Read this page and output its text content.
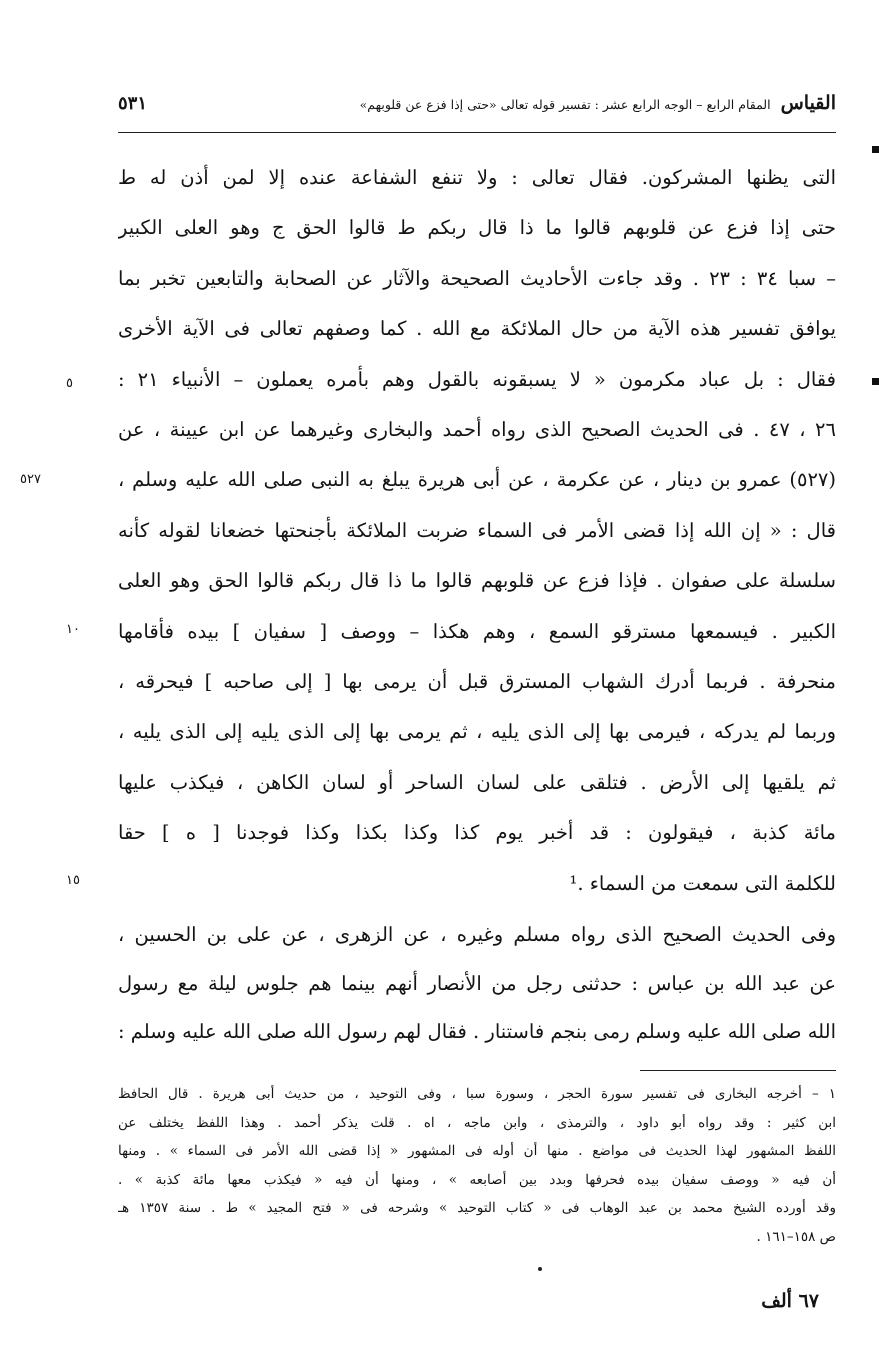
القياس
المقام الرابع – الوجه الرابع عشر : تفسير قوله تعالى «حتى إذا فزع عن قلوبهم»
٥٣١
التى يظنها المشركون. فقال تعالى : ولا تنفع الشفاعة عنده إلا لمن أذن له ط
حتى إذا فزع عن قلوبهم قالوا ما ذا قال ربكم ط قالوا الحق ج وهو العلى الكبير
– سبا ٣٤ : ٢٣ . وقد جاءت الأحاديث الصحيحة والآثار عن الصحابة والتابعين تخبر بما
يوافق تفسير هذه الآية من حال الملائكة مع الله . كما وصفهم تعالى فى الآية الأخرى
فقال : بل عباد مكرمون « لا يسبقونه بالقول وهم بأمره يعملون – الأنبياء ٢١ :
٢٦ ، ٤٧ . فى الحديث الصحيح الذى رواه أحمد والبخارى وغيرهما عن ابن عيينة ، عن
(٥٢٧) عمرو بن دينار ، عن عكرمة ، عن أبى هريرة يبلغ به النبى صلى الله عليه وسلم ،
قال : « إن الله إذا قضى الأمر فى السماء ضربت الملائكة بأجنحتها خضعانا لقوله كأنه
سلسلة على صفوان . فإذا فزع عن قلوبهم قالوا ما ذا قال ربكم قالوا الحق وهو العلى
الكبير . فيسمعها مسترقو السمع ، وهم هكذا – ووصف [ سفيان ] بيده فأقامها
منحرفة . فربما أدرك الشهاب المسترق قبل أن يرمى بها [ إلى صاحبه ] فيحرقه ،
وربما لم يدركه ، فيرمى بها إلى الذى يليه ، ثم يرمى بها إلى الذى يليه إلى الذى يليه ،
ثم يلقيها إلى الأرض . فتلقى على لسان الساحر أو لسان الكاهن ، فيكذب عليها
مائة كذبة ، فيقولون : قد أخبر يوم كذا وكذا بكذا وكذا فوجدنا [ ه ] حقا
للكلمة التى سمعت من السماء .¹
وفى الحديث الصحيح الذى رواه مسلم وغيره ، عن الزهرى ، عن على بن الحسين ،
عن عبد الله بن عباس : حدثنى رجل من الأنصار أنهم بينما هم جلوس ليلة مع رسول
الله صلى الله عليه وسلم رمى بنجم فاستنار . فقال لهم رسول الله صلى الله عليه وسلم :
٥
١٠
١٥
٥٢٧
١ – أخرجه البخارى فى تفسير سورة الحجر ، وسورة سبا ، وفى التوحيد ، من حديث أبى هريرة . قال الحافظ
ابن كثير : وقد رواه أبو داود ، والترمذى ، وابن ماجه ، اه . قلت يذكر أحمد . وهذا اللفظ يختلف عن
اللفظ المشهور لهذا الحديث فى مواضع . منها أن أوله فى المشهور « إذا قضى الله الأمر فى السماء » . ومنها
أن فيه « ووصف سفيان بيده فحرفها وبدد بين أصابعه » ، ومنها أن فيه « فيكذب معها مائة كذبة » .
وقد أورده الشيخ محمد بن عبد الوهاب فى « كتاب التوحيد » وشرحه فى « فتح المجيد » ط . سنة ١٣٥٧ هـ
ص ١٥٨–١٦١ .
٦٧ ألف
